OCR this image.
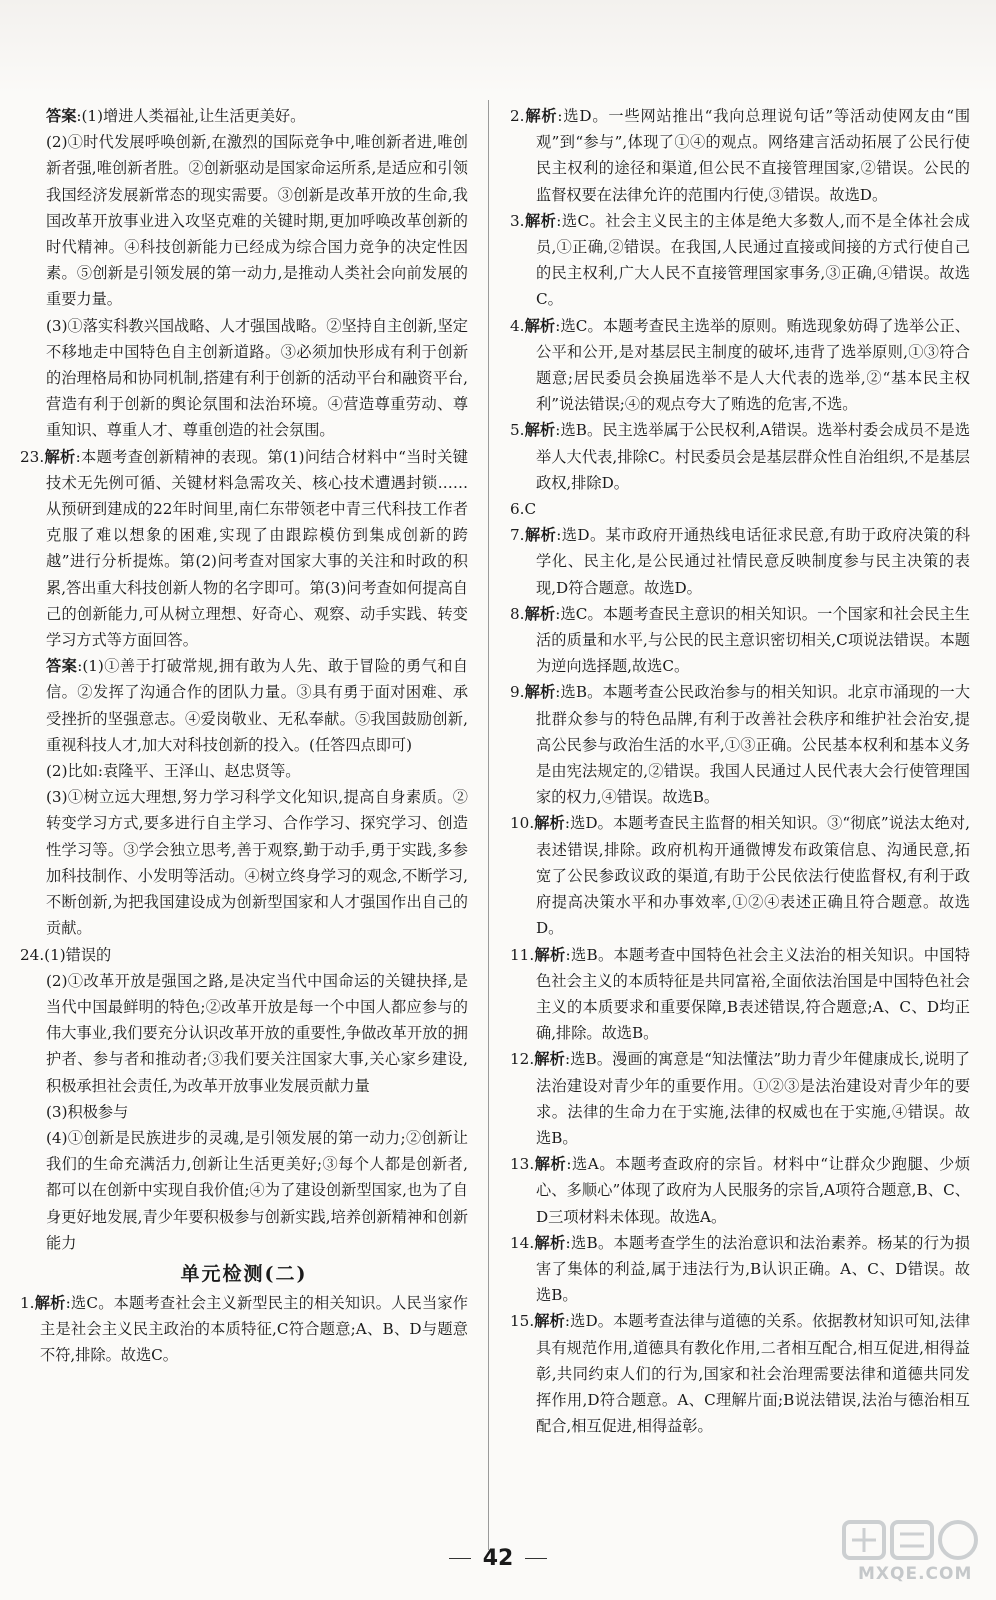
答案:(1)增进人类福祉,让生活更美好。

(2)①时代发展呼唤创新,在激烈的国际竞争中,唯创新者进,唯创新者强,唯创新者胜。②创新驱动是国家命运所系,是适应和引领我国经济发展新常态的现实需要。③创新是改革开放的生命,我国改革开放事业进入攻坚克难的关键时期,更加呼唤改革创新的时代精神。④科技创新能力已经成为综合国力竞争的决定性因素。⑤创新是引领发展的第一动力,是推动人类社会向前发展的重要力量。

(3)①落实科教兴国战略、人才强国战略。②坚持自主创新,坚定不移地走中国特色自主创新道路。③必须加快形成有利于创新的治理格局和协同机制,搭建有利于创新的活动平台和融资平台,营造有利于创新的舆论氛围和法治环境。④营造尊重劳动、尊重知识、尊重人才、尊重创造的社会氛围。

23.解析:本题考查创新精神的表现。第(1)问结合材料中“当时关键技术无先例可循、关键材料急需攻关、核心技术遭遇封锁……从预研到建成的22年时间里,南仁东带领老中青三代科技工作者克服了难以想象的困难,实现了由跟踪模仿到集成创新的跨越”进行分析提炼。第(2)问考查对国家大事的关注和时政的积累,答出重大科技创新人物的名字即可。第(3)问考查如何提高自己的创新能力,可从树立理想、好奇心、观察、动手实践、转变学习方式等方面回答。

答案:(1)①善于打破常规,拥有敢为人先、敢于冒险的勇气和自信。②发挥了沟通合作的团队力量。③具有勇于面对困难、承受挫折的坚强意志。④爱岗敬业、无私奉献。⑤我国鼓励创新,重视科技人才,加大对科技创新的投入。(任答四点即可)

(2)比如:袁隆平、王泽山、赵忠贤等。

(3)①树立远大理想,努力学习科学文化知识,提高自身素质。②转变学习方式,要多进行自主学习、合作学习、探究学习、创造性学习等。③学会独立思考,善于观察,勤于动手,勇于实践,多参加科技制作、小发明等活动。④树立终身学习的观念,不断学习,不断创新,为把我国建设成为创新型国家和人才强国作出自己的贡献。

24.(1)错误的

(2)①改革开放是强国之路,是决定当代中国命运的关键抉择,是当代中国最鲜明的特色;②改革开放是每一个中国人都应参与的伟大事业,我们要充分认识改革开放的重要性,争做改革开放的拥护者、参与者和推动者;③我们要关注国家大事,关心家乡建设,积极承担社会责任,为改革开放事业发展贡献力量

(3)积极参与

(4)①创新是民族进步的灵魂,是引领发展的第一动力;②创新让我们的生命充满活力,创新让生活更美好;③每个人都是创新者,都可以在创新中实现自我价值;④为了建设创新型国家,也为了自身更好地发展,青少年要积极参与创新实践,培养创新精神和创新能力

单元检测(二)

1.解析:选C。本题考查社会主义新型民主的相关知识。人民当家作主是社会主义民主政治的本质特征,C符合题意;A、B、D与题意不符,排除。故选C。

2.解析:选D。一些网站推出“我向总理说句话”等活动使网友由“围观”到“参与”,体现了①④的观点。网络建言活动拓展了公民行使民主权利的途径和渠道,但公民不直接管理国家,②错误。公民的监督权要在法律允许的范围内行使,③错误。故选D。

3.解析:选C。社会主义民主的主体是绝大多数人,而不是全体社会成员,①正确,②错误。在我国,人民通过直接或间接的方式行使自己的民主权利,广大人民不直接管理国家事务,③正确,④错误。故选C。

4.解析:选C。本题考查民主选举的原则。贿选现象妨碍了选举公正、公平和公开,是对基层民主制度的破坏,违背了选举原则,①③符合题意;居民委员会换届选举不是人大代表的选举,②“基本民主权利”说法错误;④的观点夸大了贿选的危害,不选。

5.解析:选B。民主选举属于公民权利,A错误。选举村委会成员不是选举人大代表,排除C。村民委员会是基层群众性自治组织,不是基层政权,排除D。

6.C

7.解析:选D。某市政府开通热线电话征求民意,有助于政府决策的科学化、民主化,是公民通过社情民意反映制度参与民主决策的表现,D符合题意。故选D。

8.解析:选C。本题考查民主意识的相关知识。一个国家和社会民主生活的质量和水平,与公民的民主意识密切相关,C项说法错误。本题为逆向选择题,故选C。

9.解析:选B。本题考查公民政治参与的相关知识。北京市涌现的一大批群众参与的特色品牌,有利于改善社会秩序和维护社会治安,提高公民参与政治生活的水平,①③正确。公民基本权利和基本义务是由宪法规定的,②错误。我国人民通过人民代表大会行使管理国家的权力,④错误。故选B。

10.解析:选D。本题考查民主监督的相关知识。③“彻底”说法太绝对,表述错误,排除。政府机构开通微博发布政策信息、沟通民意,拓宽了公民参政议政的渠道,有助于公民依法行使监督权,有利于政府提高决策水平和办事效率,①②④表述正确且符合题意。故选D。

11.解析:选B。本题考查中国特色社会主义法治的相关知识。中国特色社会主义的本质特征是共同富裕,全面依法治国是中国特色社会主义的本质要求和重要保障,B表述错误,符合题意;A、C、D均正确,排除。故选B。

12.解析:选B。漫画的寓意是“知法懂法”助力青少年健康成长,说明了法治建设对青少年的重要作用。①②③是法治建设对青少年的要求。法律的生命力在于实施,法律的权威也在于实施,④错误。故选B。

13.解析:选A。本题考查政府的宗旨。材料中“让群众少跑腿、少烦心、多顺心”体现了政府为人民服务的宗旨,A项符合题意,B、C、D三项材料未体现。故选A。

14.解析:选B。本题考查学生的法治意识和法治素养。杨某的行为损害了集体的利益,属于违法行为,B认识正确。A、C、D错误。故选B。

15.解析:选D。本题考查法律与道德的关系。依据教材知识可知,法律具有规范作用,道德具有教化作用,二者相互配合,相互促进,相得益彰,共同约束人们的行为,国家和社会治理需要法律和道德共同发挥作用,D符合题意。A、C理解片面;B说法错误,法治与德治相互配合,相互促进,相得益彰。

42
MXQE.COM
